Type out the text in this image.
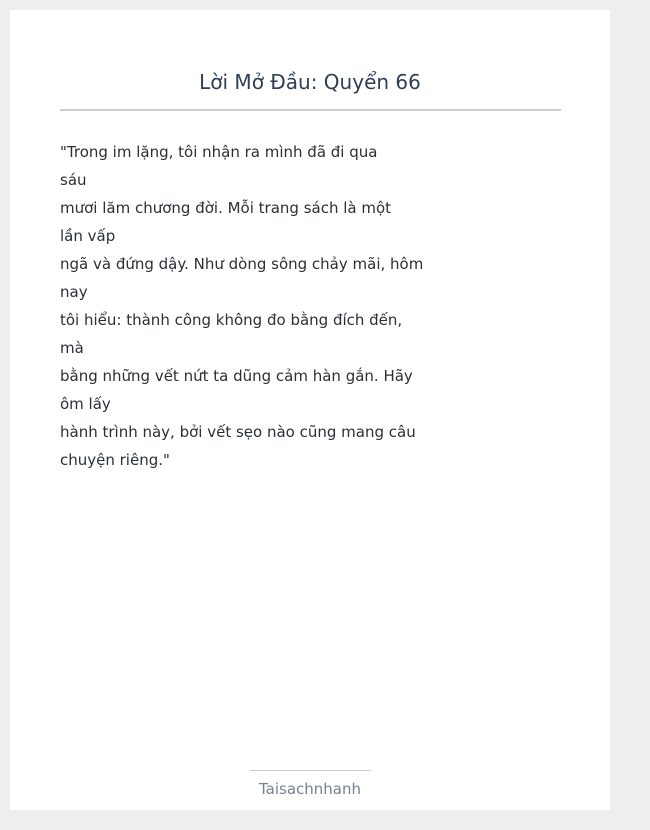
Lời Mở Đầu: Quyển 66

"Trong im lặng, tôi nhận ra mình đã đi qua
sáu
mươi lăm chương đời. Mỗi trang sách là một
lần vấp
ngã và đứng dậy. Như dòng sông chảy mãi, hôm
nay
tôi hiểu: thành công không đo bằng đích đến,
mà
bằng những vết nứt ta dũng cảm hàn gắn. Hãy
ôm lấy
hành trình này, bởi vết sẹo nào cũng mang câu
chuyện riêng."

Taisachnhanh
